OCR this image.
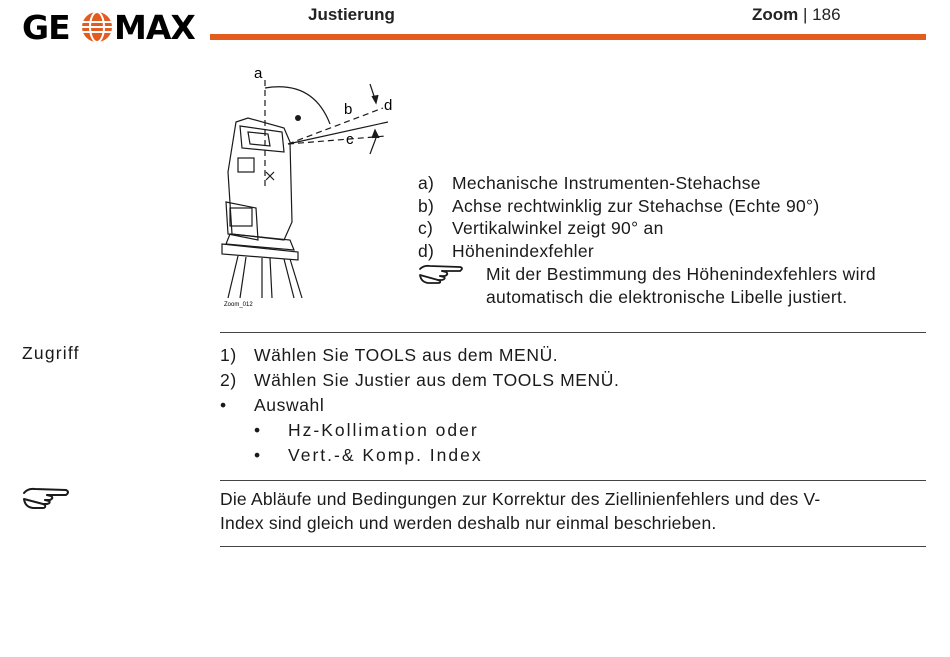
GE MAX	Justierung	Zoom | 186
a
b
c
d
Zoom_012
a) Mechanische Instrumenten-Stehachse
b) Achse rechtwinklig zur Stehachse (Echte 90°)
c) Vertikalwinkel zeigt 90° an
d) Höhenindexfehler
Mit der Bestimmung des Höhenindexfehlers wird
automatisch die elektronische Libelle justiert.
Zugriff	1) Wählen Sie TOOLS aus dem MENÜ.
2) Wählen Sie Justier aus dem TOOLS MENÜ.
• Auswahl
• Hz-Kollimation oder
• Vert.-& Komp. Index
Die Abläufe und Bedingungen zur Korrektur des Ziellinienfehlers und des V-
Index sind gleich und werden deshalb nur einmal beschrieben.
